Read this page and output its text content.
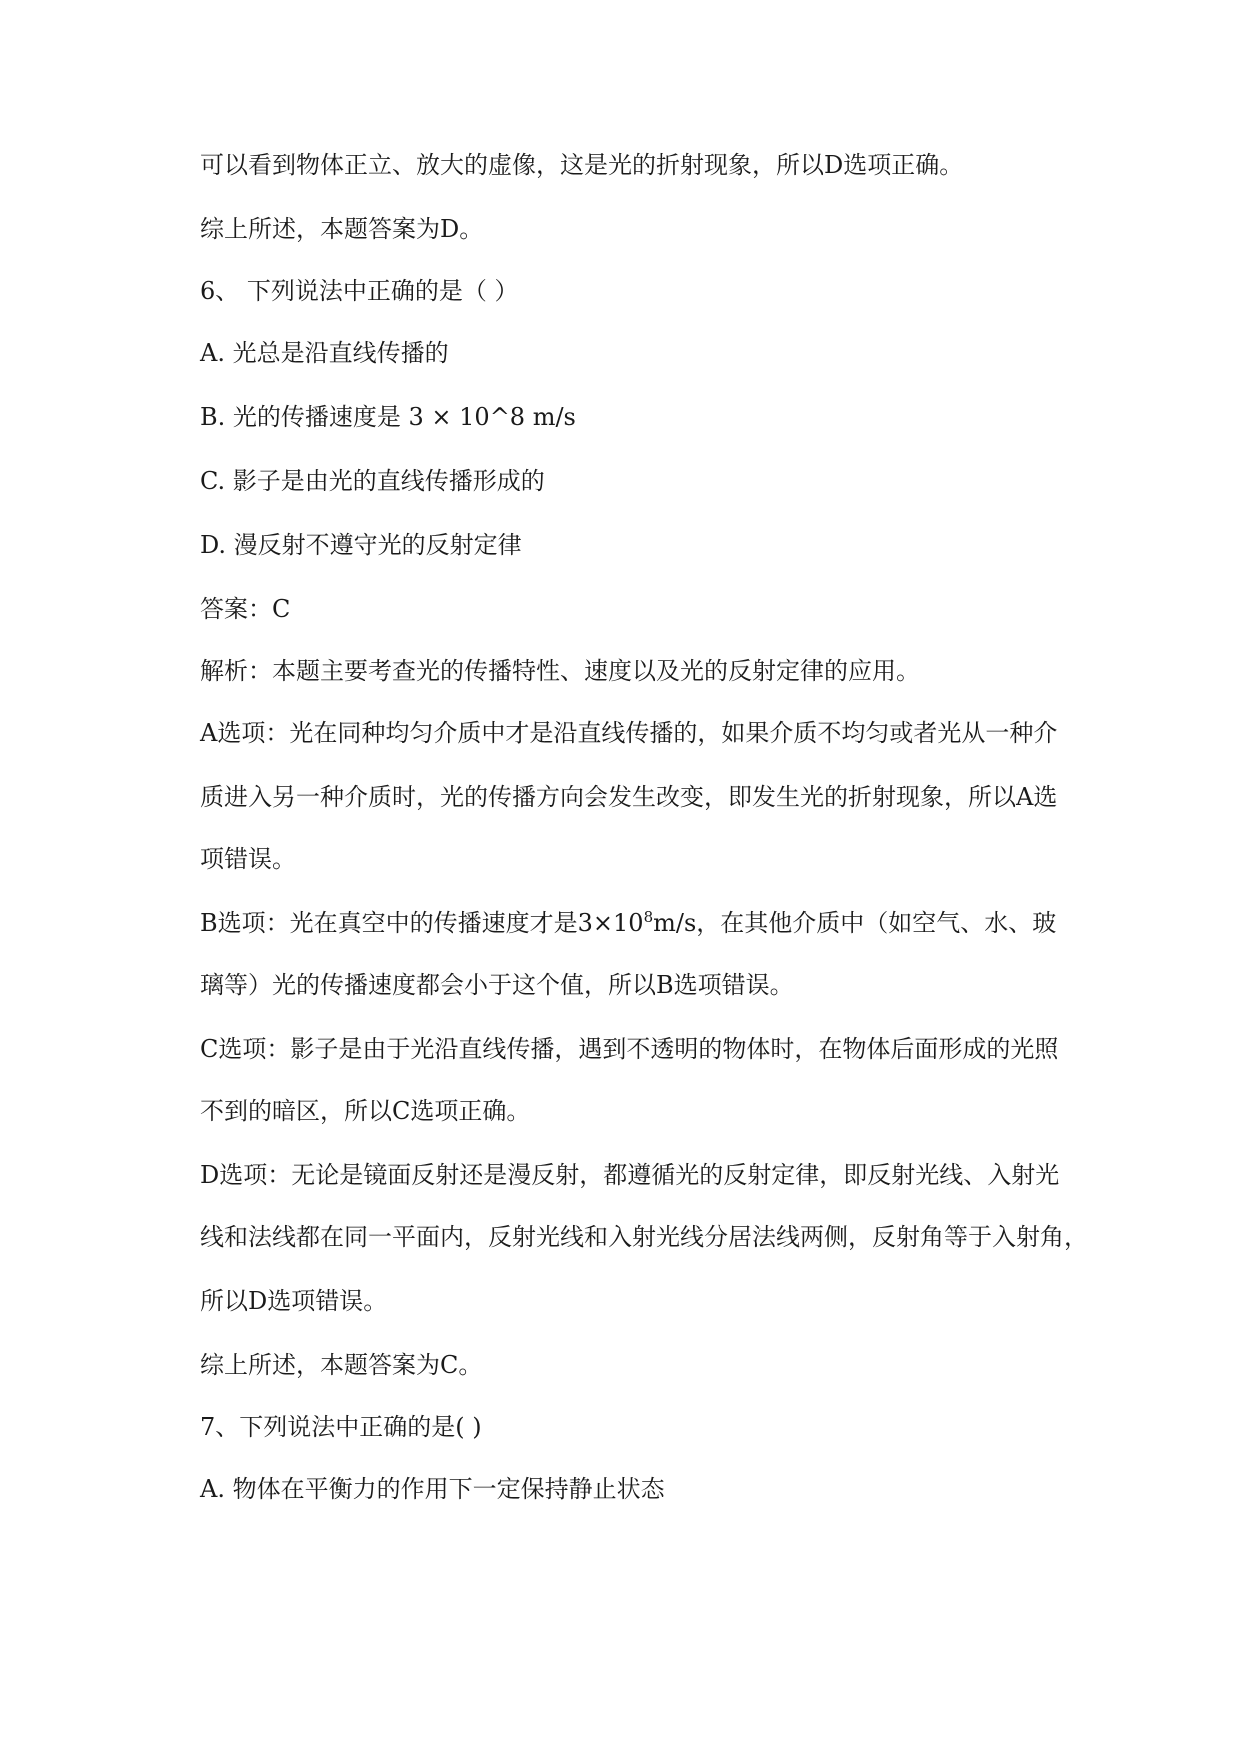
可以看到物体正立、放大的虚像，这是光的折射现象，所以D选项正确。

综上所述，本题答案为D。

6、 下列说法中正确的是（ ）

A. 光总是沿直线传播的

B. 光的传播速度是 3 × 10^8 m/s

C. 影子是由光的直线传播形成的

D. 漫反射不遵守光的反射定律

答案：C

解析：本题主要考查光的传播特性、速度以及光的反射定律的应用。

A选项：光在同种均匀介质中才是沿直线传播的，如果介质不均匀或者光从一种介

质进入另一种介质时，光的传播方向会发生改变，即发生光的折射现象，所以A选

项错误。

B选项：光在真空中的传播速度才是$3\times 10^8m/s$，在其他介质中（如空气、水、玻

璃等）光的传播速度都会小于这个值，所以B选项错误。

C选项：影子是由于光沿直线传播，遇到不透明的物体时，在物体后面形成的光照

不到的暗区，所以C选项正确。

D选项：无论是镜面反射还是漫反射，都遵循光的反射定律，即反射光线、入射光

线和法线都在同一平面内，反射光线和入射光线分居法线两侧，反射角等于入射角，

所以D选项错误。

综上所述，本题答案为C。

7、下列说法中正确的是( )

A. 物体在平衡力的作用下一定保持静止状态
